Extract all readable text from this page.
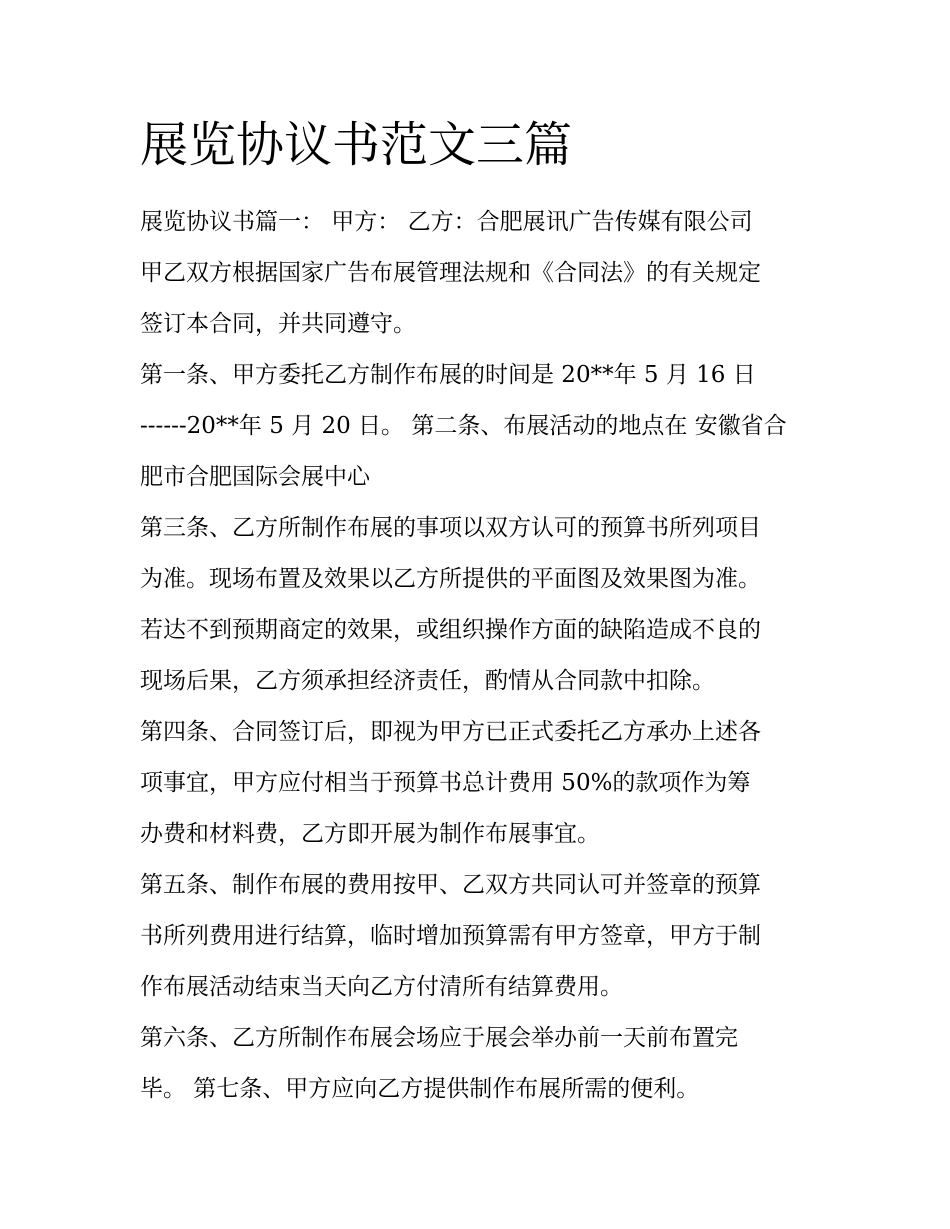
展览协议书范文三篇
展览协议书篇一： 甲方： 乙方：合肥展讯广告传媒有限公司
甲乙双方根据国家广告布展管理法规和《合同法》的有关规定
签订本合同，并共同遵守。
第一条、甲方委托乙方制作布展的时间是 20**年 5 月 16 日
------20**年 5 月 20 日。 第二条、布展活动的地点在 安徽省合
肥市合肥国际会展中心
第三条、乙方所制作布展的事项以双方认可的预算书所列项目
为准。现场布置及效果以乙方所提供的平面图及效果图为准。
若达不到预期商定的效果，或组织操作方面的缺陷造成不良的
现场后果，乙方须承担经济责任，酌情从合同款中扣除。
第四条、合同签订后，即视为甲方已正式委托乙方承办上述各
项事宜，甲方应付相当于预算书总计费用 50%的款项作为筹
办费和材料费，乙方即开展为制作布展事宜。
第五条、制作布展的费用按甲、乙双方共同认可并签章的预算
书所列费用进行结算，临时增加预算需有甲方签章，甲方于制
作布展活动结束当天向乙方付清所有结算费用。
第六条、乙方所制作布展会场应于展会举办前一天前布置完
毕。 第七条、甲方应向乙方提供制作布展所需的便利。
